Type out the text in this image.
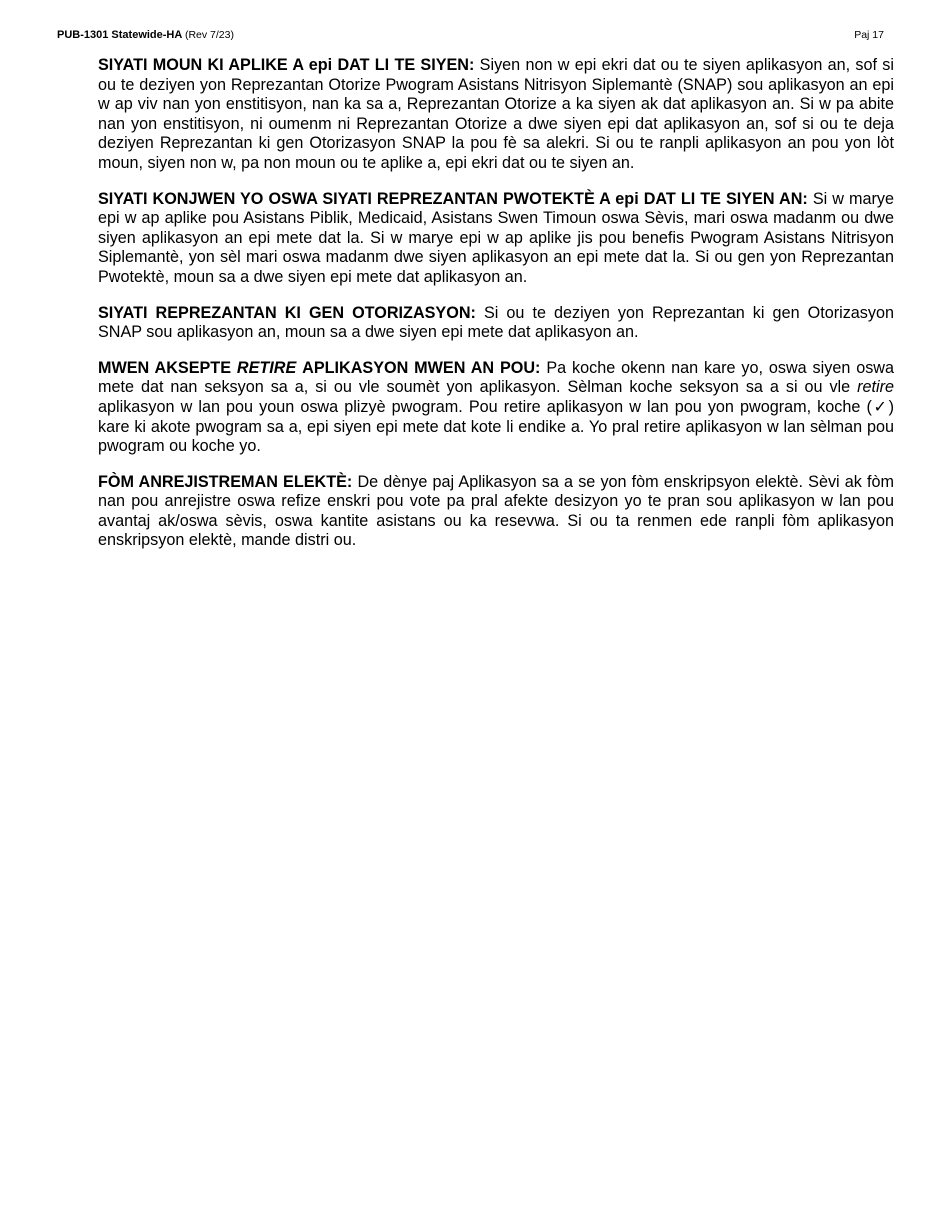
PUB-1301 Statewide-HA (Rev 7/23)	Paj 17

SIYATI MOUN KI APLIKE A epi DAT LI TE SIYEN: Siyen non w epi ekri dat ou te siyen aplikasyon an, sof si ou te deziyen yon Reprezantan Otorize Pwogram Asistans Nitrisyon Siplemantè (SNAP) sou aplikasyon an epi w ap viv nan yon enstitisyon, nan ka sa a, Reprezantan Otorize a ka siyen ak dat aplikasyon an. Si w pa abite nan yon enstitisyon, ni oumenm ni Reprezantan Otorize a dwe siyen epi dat aplikasyon an, sof si ou te deja deziyen Reprezantan ki gen Otorizasyon SNAP la pou fè sa alekri. Si ou te ranpli aplikasyon an pou yon lòt moun, siyen non w, pa non moun ou te aplike a, epi ekri dat ou te siyen an.

SIYATI KONJWEN YO OSWA SIYATI REPREZANTAN PWOTEKTÈ A epi DAT LI TE SIYEN AN: Si w marye epi w ap aplike pou Asistans Piblik, Medicaid, Asistans Swen Timoun oswa Sèvis, mari oswa madanm ou dwe siyen aplikasyon an epi mete dat la. Si w marye epi w ap aplike jis pou benefis Pwogram Asistans Nitrisyon Siplemantè, yon sèl mari oswa madanm dwe siyen aplikasyon an epi mete dat la. Si ou gen yon Reprezantan Pwotektè, moun sa a dwe siyen epi mete dat aplikasyon an.

SIYATI REPREZANTAN KI GEN OTORIZASYON: Si ou te deziyen yon Reprezantan ki gen Otorizasyon SNAP sou aplikasyon an, moun sa a dwe siyen epi mete dat aplikasyon an.

MWEN AKSEPTE RETIRE APLIKASYON MWEN AN POU: Pa koche okenn nan kare yo, oswa siyen oswa mete dat nan seksyon sa a, si ou vle soumèt yon aplikasyon. Sèlman koche seksyon sa a si ou vle retire aplikasyon w lan pou youn oswa plizyè pwogram. Pou retire aplikasyon w lan pou yon pwogram, koche (✓) kare ki akote pwogram sa a, epi siyen epi mete dat kote li endike a. Yo pral retire aplikasyon w lan sèlman pou pwogram ou koche yo.

FÒM ANREJISTREMAN ELEKTÈ: De dènye paj Aplikasyon sa a se yon fòm enskripsyon elektè. Sèvi ak fòm nan pou anrejistre oswa refize enskri pou vote pa pral afekte desizyon yo te pran sou aplikasyon w lan pou avantaj ak/oswa sèvis, oswa kantite asistans ou ka resevwa. Si ou ta renmen ede ranpli fòm aplikasyon enskripsyon elektè, mande distri ou.
